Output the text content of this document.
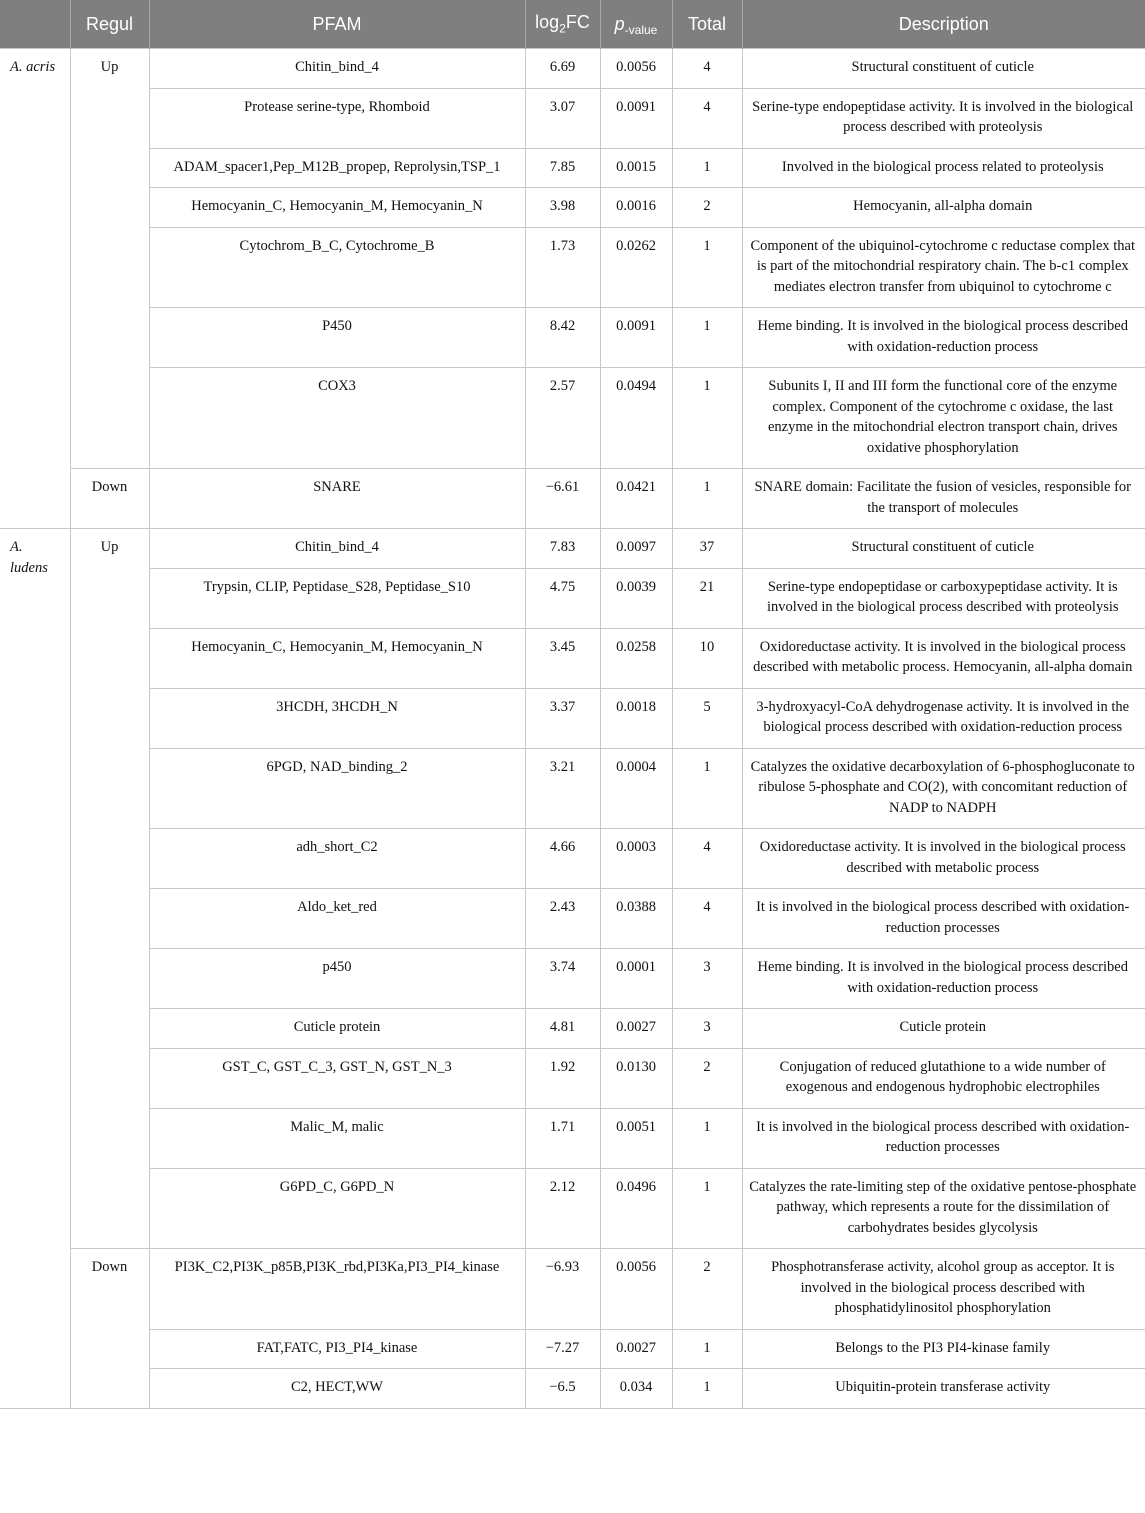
	Regul	PFAM	$\log_2FC$	$p_{-value}$	Total	Description
A. acris	Up	Chitin_bind_4	6.69	0.0056	4	Structural constituent of cuticle
		Protease serine-type, Rhomboid	3.07	0.0091	4	Serine-type endopeptidase activity. It is involved in the biological process described with proteolysis
		ADAM_spacer1,Pep_M12B_propep, Reprolysin,TSP_1	7.85	0.0015	1	Involved in the biological process related to proteolysis
		Hemocyanin_C, Hemocyanin_M, Hemocyanin_N	3.98	0.0016	2	Hemocyanin, all-alpha domain
		Cytochrom_B_C, Cytochrome_B	1.73	0.0262	1	Component of the ubiquinol-cytochrome c reductase complex that is part of the mitochondrial respiratory chain. The b-c1 complex mediates electron transfer from ubiquinol to cytochrome c
		P450	8.42	0.0091	1	Heme binding. It is involved in the biological process described with oxidation-reduction process
		COX3	2.57	0.0494	1	Subunits I, II and III form the functional core of the enzyme complex. Component of the cytochrome c oxidase, the last enzyme in the mitochondrial electron transport chain, drives oxidative phosphorylation
	Down	SNARE	−6.61	0.0421	1	SNARE domain: Facilitate the fusion of vesicles, responsible for the transport of molecules
A. ludens	Up	Chitin_bind_4	7.83	0.0097	37	Structural constituent of cuticle
		Trypsin, CLIP, Peptidase_S28, Peptidase_S10	4.75	0.0039	21	Serine-type endopeptidase or carboxypeptidase activity. It is involved in the biological process described with proteolysis
		Hemocyanin_C, Hemocyanin_M, Hemocyanin_N	3.45	0.0258	10	Oxidoreductase activity. It is involved in the biological process described with metabolic process. Hemocyanin, all-alpha domain
		3HCDH, 3HCDH_N	3.37	0.0018	5	3-hydroxyacyl-CoA dehydrogenase activity. It is involved in the biological process described with oxidation-reduction process
		6PGD, NAD_binding_2	3.21	0.0004	1	Catalyzes the oxidative decarboxylation of 6-phosphogluconate to ribulose 5-phosphate and CO(2), with concomitant reduction of NADP to NADPH
		adh_short_C2	4.66	0.0003	4	Oxidoreductase activity. It is involved in the biological process described with metabolic process
		Aldo_ket_red	2.43	0.0388	4	It is involved in the biological process described with oxidation-reduction processes
		p450	3.74	0.0001	3	Heme binding. It is involved in the biological process described with oxidation-reduction process
		Cuticle protein	4.81	0.0027	3	Cuticle protein
		GST_C, GST_C_3, GST_N, GST_N_3	1.92	0.0130	2	Conjugation of reduced glutathione to a wide number of exogenous and endogenous hydrophobic electrophiles
		Malic_M, malic	1.71	0.0051	1	It is involved in the biological process described with oxidation-reduction processes
		G6PD_C, G6PD_N	2.12	0.0496	1	Catalyzes the rate-limiting step of the oxidative pentose-phosphate pathway, which represents a route for the dissimilation of carbohydrates besides glycolysis
	Down	PI3K_C2,PI3K_p85B,PI3K_rbd,PI3Ka,PI3_PI4_kinase	−6.93	0.0056	2	Phosphotransferase activity, alcohol group as acceptor. It is involved in the biological process described with phosphatidylinositol phosphorylation
		FAT,FATC, PI3_PI4_kinase	−7.27	0.0027	1	Belongs to the PI3 PI4-kinase family
		C2, HECT,WW	−6.5	0.034	1	Ubiquitin-protein transferase activity
